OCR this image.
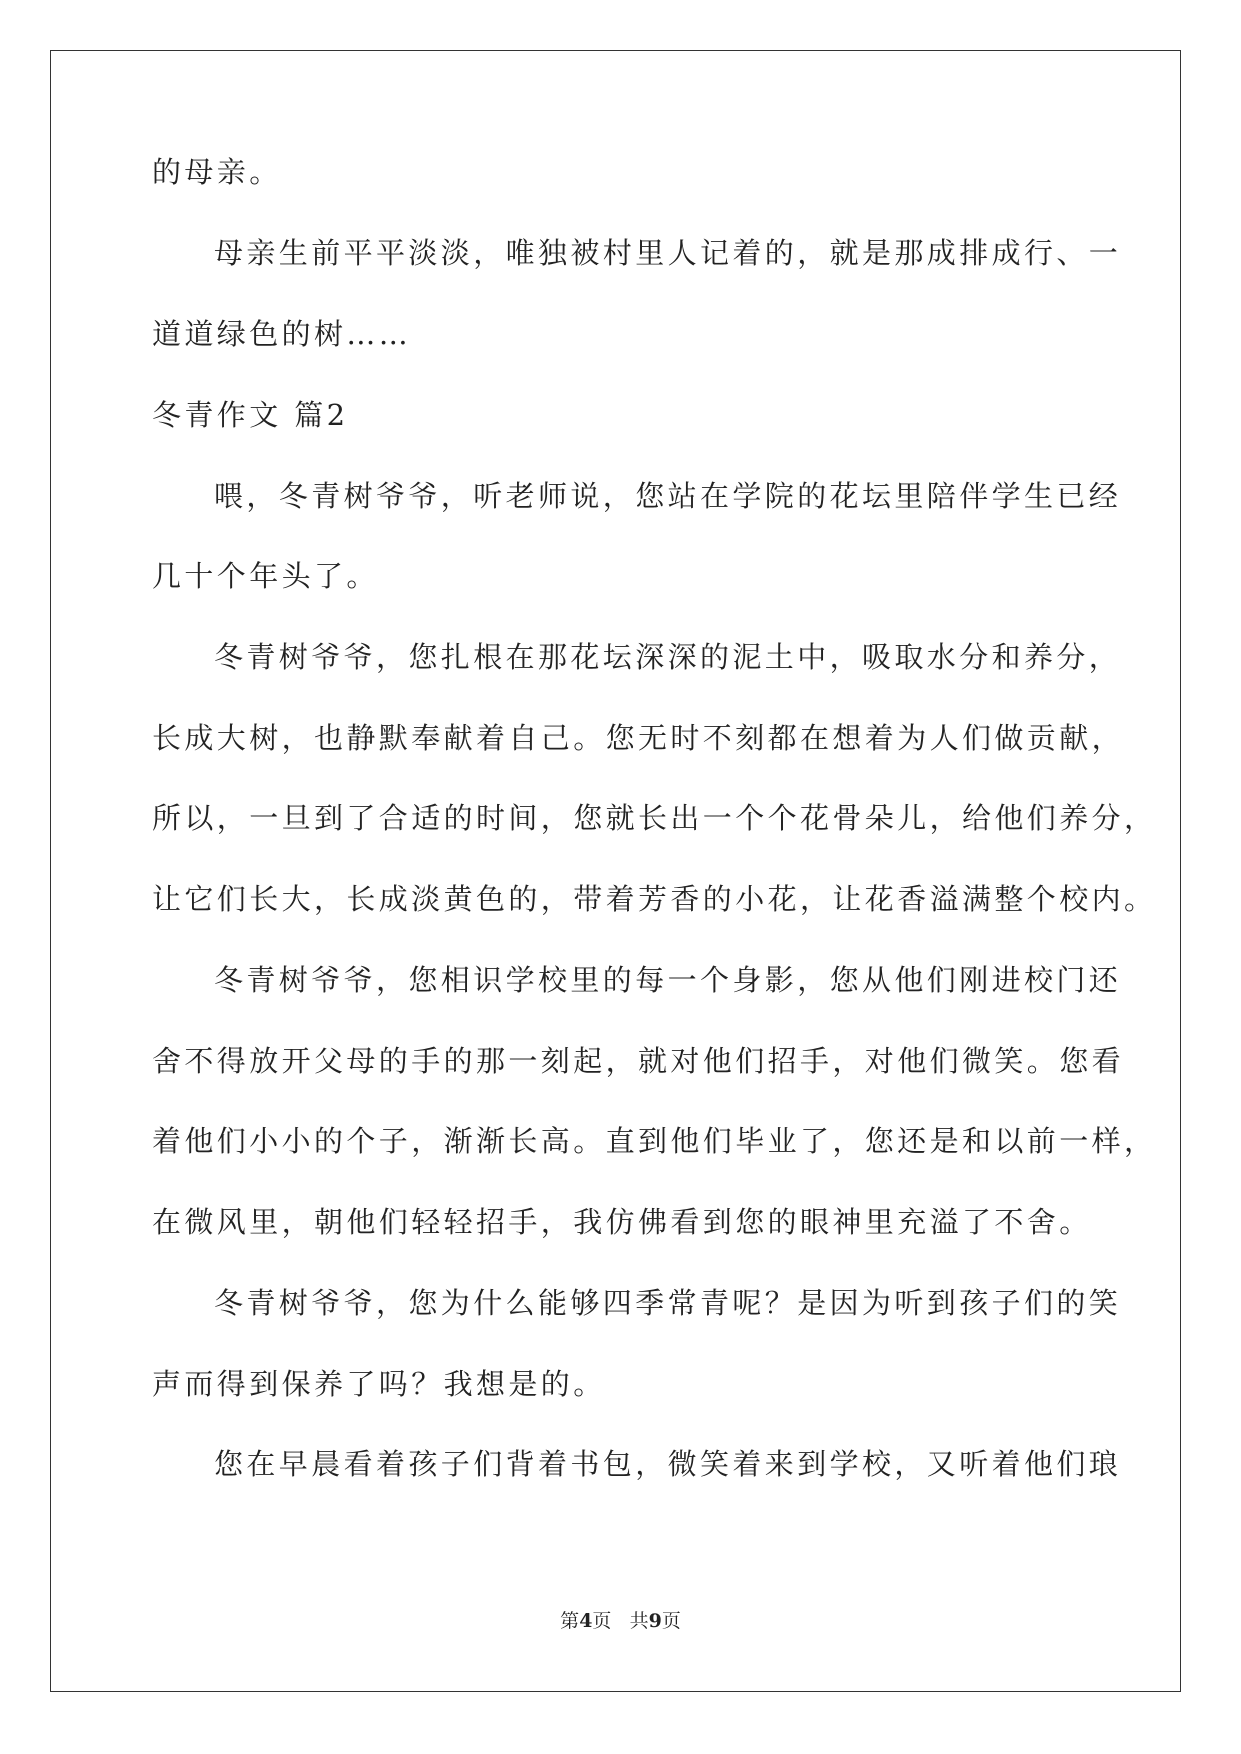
的母亲。
母亲生前平平淡淡，唯独被村里人记着的，就是那成排成行、一
道道绿色的树……
冬青作文 篇2
喂，冬青树爷爷，听老师说，您站在学院的花坛里陪伴学生已经
几十个年头了。
冬青树爷爷，您扎根在那花坛深深的泥土中，吸取水分和养分，
长成大树，也静默奉献着自己。您无时不刻都在想着为人们做贡献，
所以，一旦到了合适的时间，您就长出一个个花骨朵儿，给他们养分，
让它们长大，长成淡黄色的，带着芳香的小花，让花香溢满整个校内。
冬青树爷爷，您相识学校里的每一个身影，您从他们刚进校门还
舍不得放开父母的手的那一刻起，就对他们招手，对他们微笑。您看
着他们小小的个子，渐渐长高。直到他们毕业了，您还是和以前一样，
在微风里，朝他们轻轻招手，我仿佛看到您的眼神里充溢了不舍。
冬青树爷爷，您为什么能够四季常青呢？是因为听到孩子们的笑
声而得到保养了吗？我想是的。
您在早晨看着孩子们背着书包，微笑着来到学校，又听着他们琅
第4页 共9页
